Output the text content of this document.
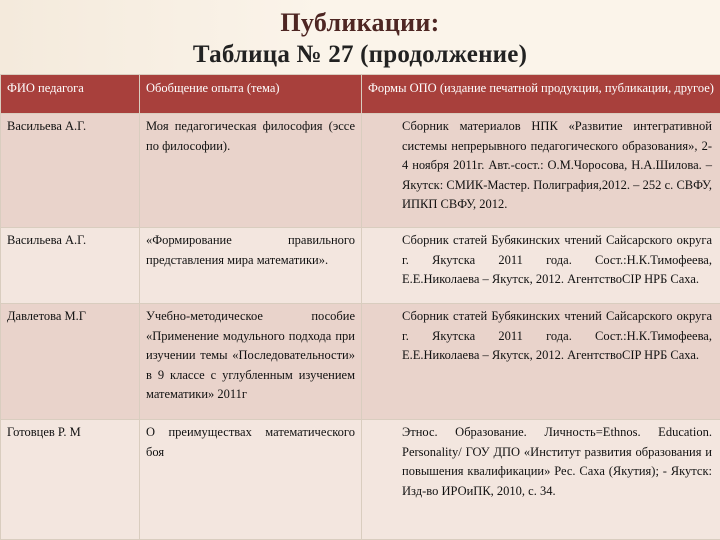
Публикации:
Таблица № 27 (продолжение)
ФИО педагога	Обобщение опыта (тема)	Формы ОПО (издание печатной продукции, публикации, другое)
Васильева А.Г.	Моя педагогическая философия (эссе по философии).	Сборник материалов НПК «Развитие интегративной системы непрерывного педагогического образования», 2-4 ноября 2011г. Авт.-сост.: О.М.Чоросова, Н.А.Шилова. – Якутск: СМИК-Мастер. Полиграфия,2012. – 252 с. СВФУ, ИПКП СВФУ, 2012.
Васильева А.Г.	«Формирование правильного представления мира математики».	Сборник статей Бубякинских чтений Сайсарского округа г. Якутска 2011 года. Сост.:Н.К.Тимофеева, Е.Е.Николаева – Якутск, 2012. АгентствоСIP НРБ Саха.
Давлетова М.Г	Учебно-методическое пособие «Применение модульного подхода при изучении темы «Последовательности» в 9 классе с углубленным изучением математики» 2011г	Сборник статей Бубякинских чтений Сайсарского округа г. Якутска 2011 года. Сост.:Н.К.Тимофеева, Е.Е.Николаева – Якутск, 2012. АгентствоСIP НРБ Саха.
Готовцев Р. М	О преимуществах математического боя	Этнос. Образование. Личность=Ethnos. Education. Personality/ ГОУ ДПО «Институт развития образования и повышения квалификации» Рес. Саха (Якутия); - Якутск: Изд-во ИРОиПК, 2010, с. 34.
